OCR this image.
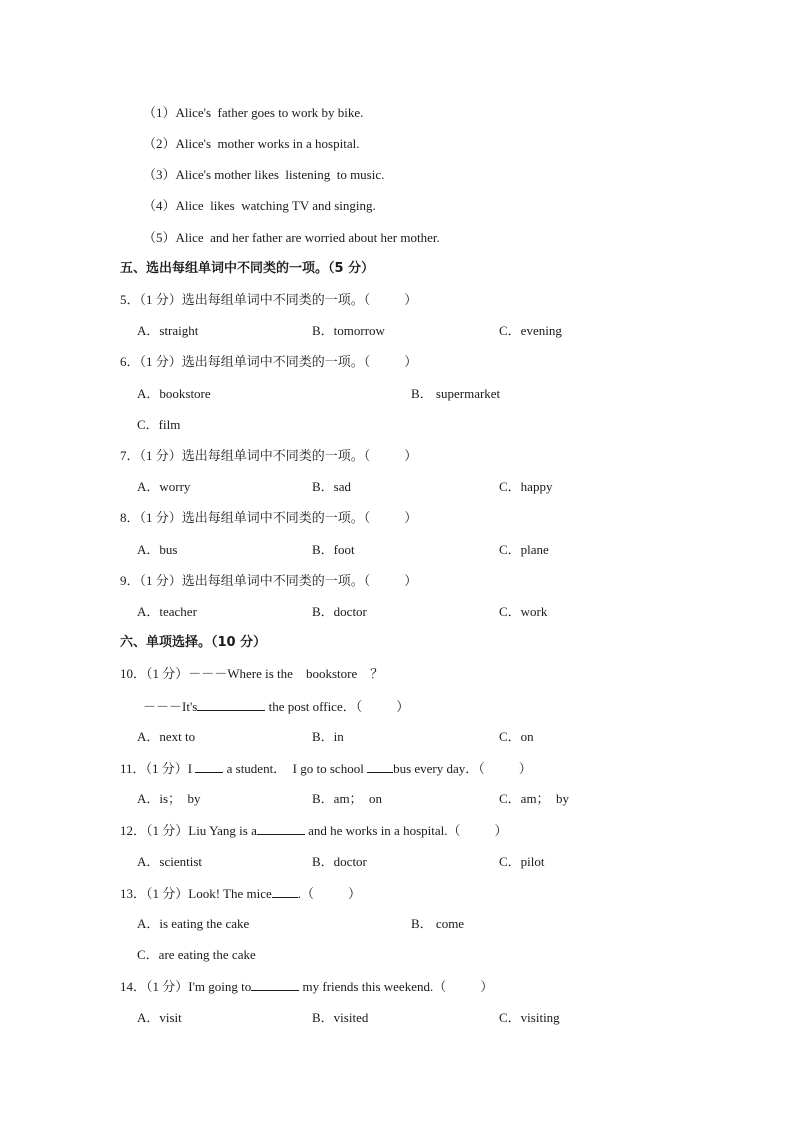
（1）Alice's  father goes to work by bike.
（2）Alice's  mother works in a hospital.
（3）Alice's mother likes  listening  to music.
（4）Alice  likes  watching TV and singing.
（5）Alice  and her father are worried about her mother.
五、选出每组单词中不同类的一项。（5 分）
5．（1 分）选出每组单词中不同类的一项。（	）
A．straight	B．tomorrow	C．evening
6．（1 分）选出每组单词中不同类的一项。（	）
A．bookstore	B． supermarket
C．film
7．（1 分）选出每组单词中不同类的一项。（	）
A．worry	B．sad	C．happy
8．（1 分）选出每组单词中不同类的一项。（	）
A．bus	B．foot	C．plane
9．（1 分）选出每组单词中不同类的一项。（	）
A．teacher	B．doctor	C．work
六、单项选择。（10 分）
10．（1 分）－－－Where is the    bookstore    ？
－－－It's	the post office．（	）
A．next to	B．in	C．on
11．（1 分）I  a student．  I go to school bus every day．（	）
A．is；  by	B．am；  on	C．am；  by
12．（1 分）Liu Yang is a	and he works in a hospital.（	）
A．scientist	B．doctor	C．pilot
13．（1 分）Look! The mice .（	）
A．is eating the cake	B． come
C．are eating the cake
14．（1 分）I'm going to	my friends this weekend.（	）
A．visit	B．visited	C．visiting
